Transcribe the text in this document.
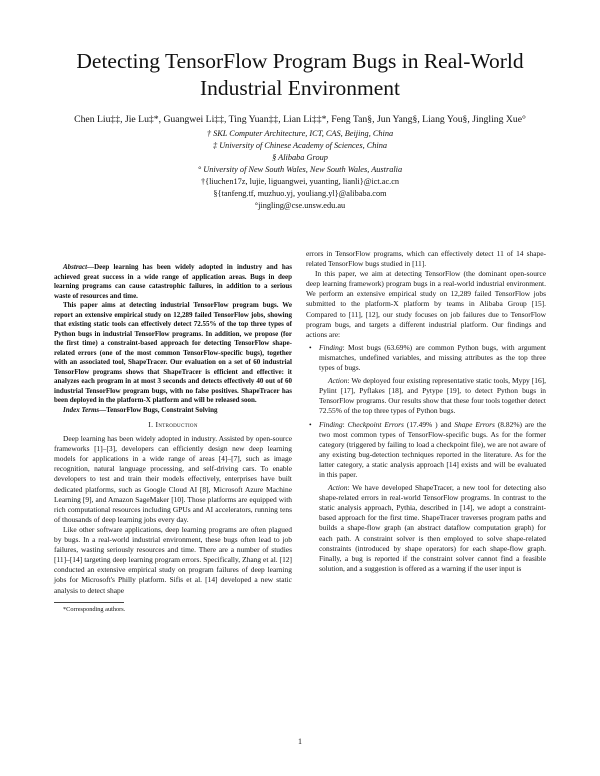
Detecting TensorFlow Program Bugs in Real-World Industrial Environment
Chen Liu‡‡, Jie Lu‡*, Guangwei Li‡‡, Ting Yuan‡‡, Lian Li‡‡*, Feng Tan§, Jun Yang§, Liang You§, Jingling Xue°
† SKL Computer Architecture, ICT, CAS, Beijing, China
‡ University of Chinese Academy of Sciences, China
§ Alibaba Group
° University of New South Wales, New South Wales, Australia
†{liuchen17z, lujie, liguangwei, yuanting, lianli}@ict.ac.cn
§{tanfeng.tf, muzhuo.yj, youliang.yl}@alibaba.com
°jingling@cse.unsw.edu.au

Abstract—Deep learning has been widely adopted in industry and has achieved great success in a wide range of application areas. Bugs in deep learning programs can cause catastrophic failures, in addition to a serious waste of resources and time.

This paper aims at detecting industrial TensorFlow program bugs. We report an extensive empirical study on 12,289 failed TensorFlow jobs, showing that existing static tools can effectively detect 72.55% of the top three types of Python bugs in industrial TensorFlow programs. In addition, we propose (for the first time) a constraint-based approach for detecting TensorFlow shape-related errors (one of the most common TensorFlow-specific bugs), together with an associated tool, ShapeTracer. Our evaluation on a set of 60 industrial TensorFlow programs shows that ShapeTracer is efficient and effective: it analyzes each program in at most 3 seconds and detects effectively 40 out of 60 industrial TensorFlow program bugs, with no false positives. ShapeTracer has been deployed in the platform-X platform and will be released soon.

Index Terms—TensorFlow Bugs, Constraint Solving

I. Introduction

Deep learning has been widely adopted in industry. Assisted by open-source frameworks [1]–[3], developers can efficiently design new deep learning models for applications in a wide range of areas [4]–[7], such as image recognition, natural language processing, and self-driving cars. To enable developers to test and train their models effectively, enterprises have built dedicated platforms, such as Google Cloud AI [8], Microsoft Azure Machine Learning [9], and Amazon SageMaker [10]. Those platforms are equipped with rich computational resources including GPUs and AI accelerators, running tens of thousands of deep learning jobs every day.

Like other software applications, deep learning programs are often plagued by bugs. In a real-world industrial environment, these bugs often lead to job failures, wasting seriously resources and time. There are a number of studies [11]–[14] targeting deep learning program errors. Specifically, Zhang et al. [12] conducted an extensive empirical study on program failures of deep learning jobs for Microsoft's Philly platform. Sifis et al. [14] developed a new static analysis to detect shape

*Corresponding authors.

errors in TensorFlow programs, which can effectively detect 11 of 14 shape-related TensorFlow bugs studied in [11].

In this paper, we aim at detecting TensorFlow (the dominant open-source deep learning framework) program bugs in a real-world industrial environment. We perform an extensive empirical study on 12,289 failed TensorFlow jobs submitted to the platform-X platform by teams in Alibaba Group [15]. Compared to [11], [12], our study focuses on job failures due to TensorFlow program bugs, and targets a different industrial platform. Our findings and actions are:

• Finding: Most bugs (63.69%) are common Python bugs, with argument mismatches, undefined variables, and missing attributes as the top three types of bugs.

Action: We deployed four existing representative static tools, Mypy [16], Pylint [17], Pyflakes [18], and Pytype [19], to detect Python bugs in TensorFlow programs. Our results show that these four tools together detect 72.55% of the top three types of Python bugs.

• Finding: Checkpoint Errors (17.49% ) and Shape Errors (8.82%) are the two most common types of TensorFlow-specific bugs. As for the former category (triggered by failing to load a checkpoint file), we are not aware of any existing bug-detection techniques reported in the literature. As for the latter category, a static analysis approach [14] exists and will be evaluated in this paper.

Action: We have developed ShapeTracer, a new tool for detecting also shape-related errors in real-world TensorFlow programs. In contrast to the static analysis approach, Pythia, described in [14], we adopt a constraint-based approach for the first time. ShapeTracer traverses program paths and builds a shape-flow graph (an abstract dataflow computation graph) for each path. A constraint solver is then employed to solve shape-related constraints (introduced by shape operators) for each shape-flow graph. Finally, a bug is reported if the constraint solver cannot find a feasible solution, and a suggestion is offered as a warning if the user input is

1
